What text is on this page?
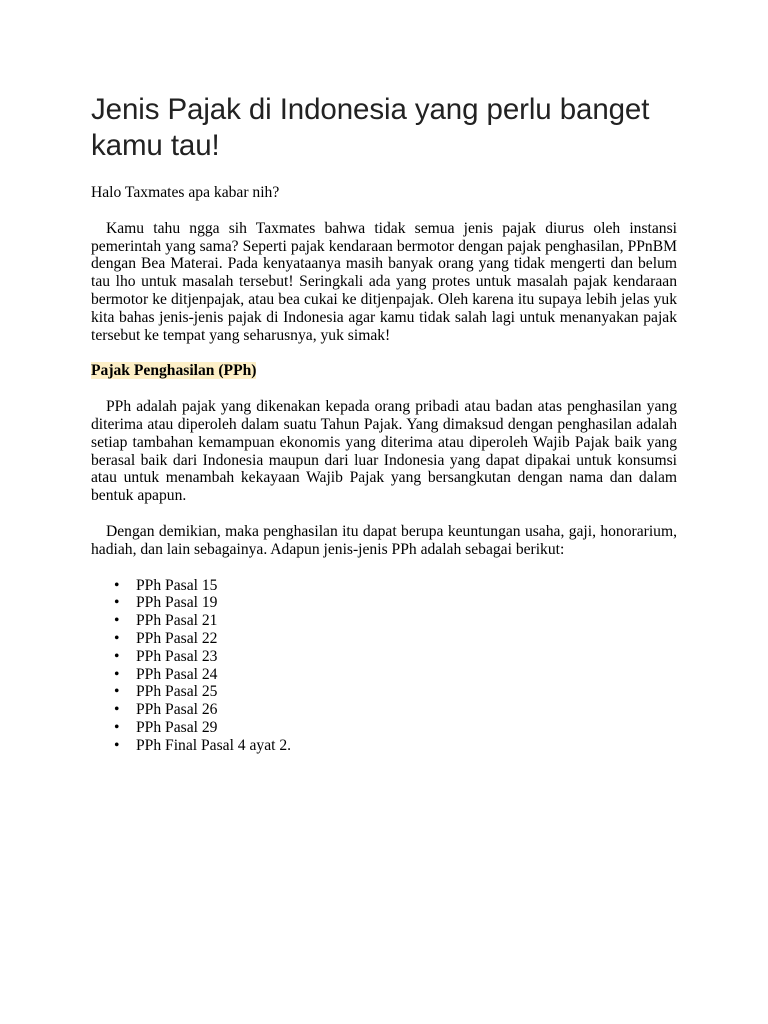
Jenis Pajak di Indonesia yang perlu banget kamu tau!

Halo Taxmates apa kabar nih?

Kamu tahu ngga sih Taxmates bahwa tidak semua jenis pajak diurus oleh instansi pemerintah yang sama? Seperti pajak kendaraan bermotor dengan pajak penghasilan, PPnBM dengan Bea Materai. Pada kenyataanya masih banyak orang yang tidak mengerti dan belum tau lho untuk masalah tersebut! Seringkali ada yang protes untuk masalah pajak kendaraan bermotor ke ditjenpajak, atau bea cukai ke ditjenpajak. Oleh karena itu supaya lebih jelas yuk kita bahas jenis-jenis pajak di Indonesia agar kamu tidak salah lagi untuk menanyakan pajak tersebut ke tempat yang seharusnya, yuk simak!

Pajak Penghasilan (PPh)

PPh adalah pajak yang dikenakan kepada orang pribadi atau badan atas penghasilan yang diterima atau diperoleh dalam suatu Tahun Pajak. Yang dimaksud dengan penghasilan adalah setiap tambahan kemampuan ekonomis yang diterima atau diperoleh Wajib Pajak baik yang berasal baik dari Indonesia maupun dari luar Indonesia yang dapat dipakai untuk konsumsi atau untuk menambah kekayaan Wajib Pajak yang bersangkutan dengan nama dan dalam bentuk apapun.

Dengan demikian, maka penghasilan itu dapat berupa keuntungan usaha, gaji, honorarium, hadiah, dan lain sebagainya. Adapun jenis-jenis PPh adalah sebagai berikut:

• PPh Pasal 15
• PPh Pasal 19
• PPh Pasal 21
• PPh Pasal 22
• PPh Pasal 23
• PPh Pasal 24
• PPh Pasal 25
• PPh Pasal 26
• PPh Pasal 29
• PPh Final Pasal 4 ayat 2.
